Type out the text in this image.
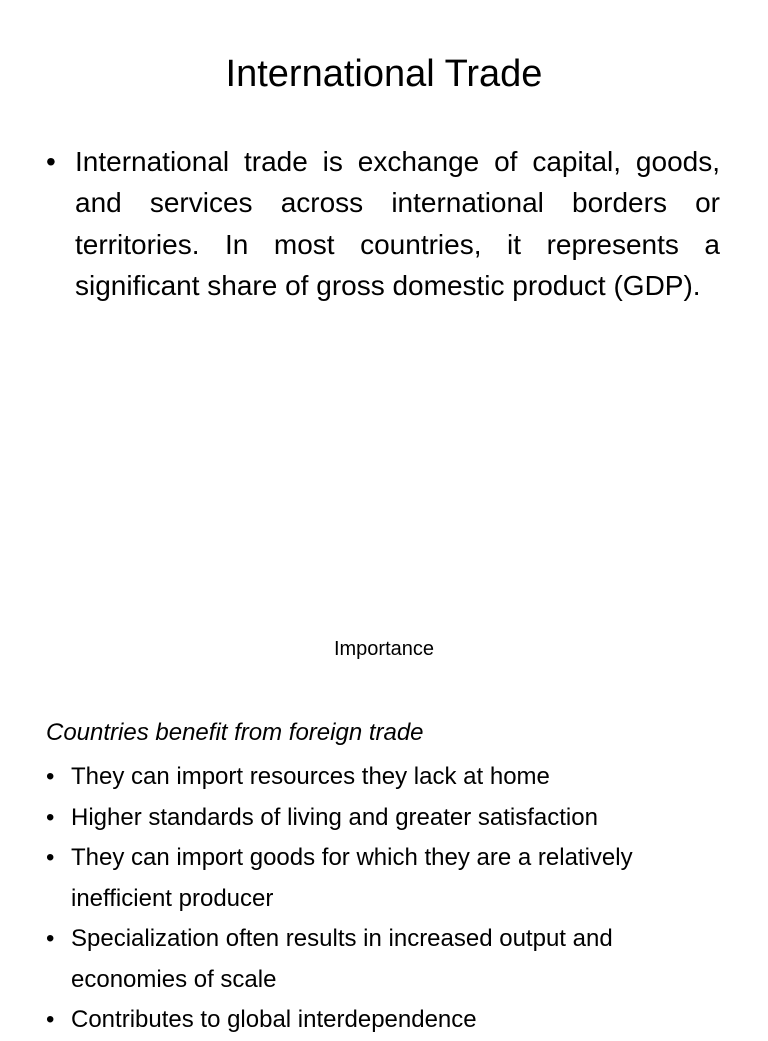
International Trade
• International trade is exchange of capital, goods, and services across international borders or territories. In most countries, it represents a significant share of gross domestic product (GDP).

Importance

Countries benefit from foreign trade

• They can import resources they lack at home
• Higher standards of living and greater satisfaction
• They can import goods for which they are a relatively inefficient producer
• Specialization often results in increased output and economies of scale
• Contributes to global interdependence
